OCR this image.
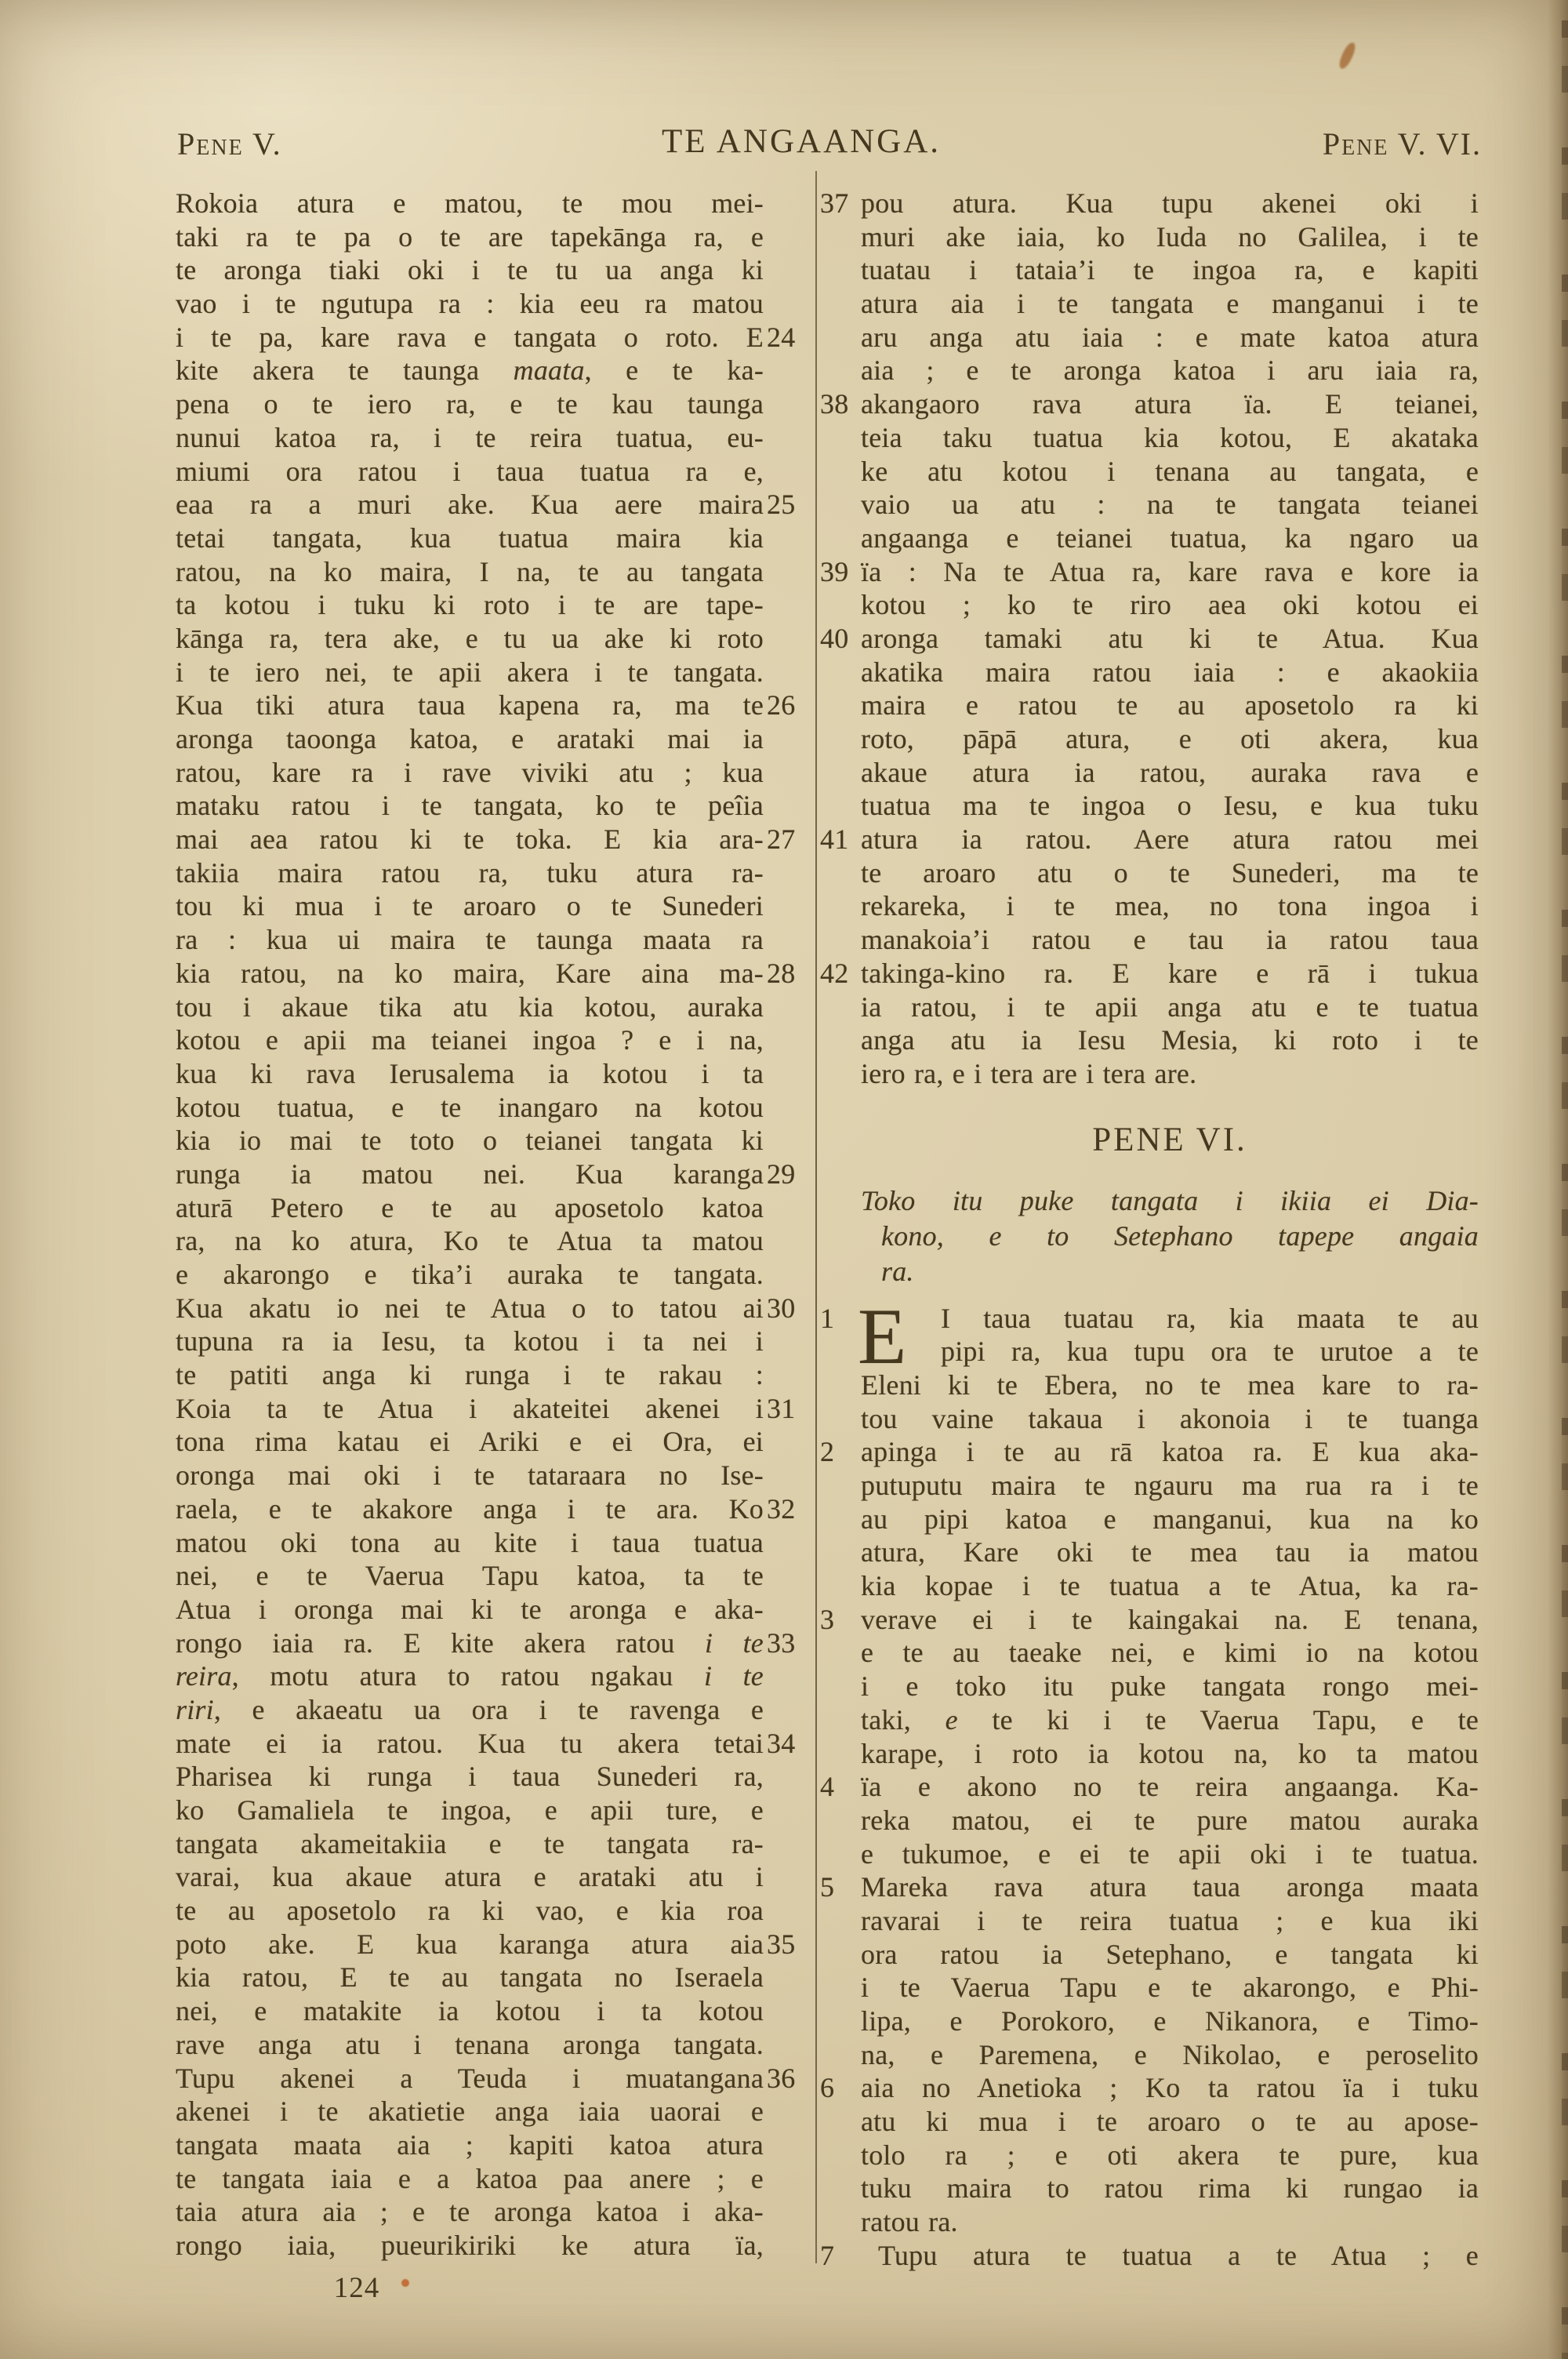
Pene V.	TE ANGAANGA.	Pene V. VI.
Rokoia atura e matou, te mou mei-
taki ra te pa o te are tapekānga ra, e
te aronga tiaki oki i te tu ua anga ki
vao i te ngutupa ra : kia eeu ra matou
i te pa, kare rava e tangata o roto. E 24
kite akera te taunga maata, e te ka-
pena o te iero ra, e te kau taunga
nunui katoa ra, i te reira tuatua, eu-
miumi ora ratou i taua tuatua ra e,
eaa ra a muri ake. Kua aere maira 25
tetai tangata, kua tuatua maira kia
ratou, na ko maira, I na, te au tangata
ta kotou i tuku ki roto i te are tape-
kānga ra, tera ake, e tu ua ake ki roto
i te iero nei, te apii akera i te tangata.
Kua tiki atura taua kapena ra, ma te 26
aronga taoonga katoa, e arataki mai ia
ratou, kare ra i rave viviki atu ; kua
mataku ratou i te tangata, ko te peîia
mai aea ratou ki te toka. E kia ara- 27
takiia maira ratou ra, tuku atura ra-
tou ki mua i te aroaro o te Sunederi
ra : kua ui maira te taunga maata ra
kia ratou, na ko maira, Kare aina ma- 28
tou i akaue tika atu kia kotou, auraka
kotou e apii ma teianei ingoa ? e i na,
kua ki rava Ierusalema ia kotou i ta
kotou tuatua, e te inangaro na kotou
kia io mai te toto o teianei tangata ki
runga ia matou nei. Kua karanga 29
aturā Petero e te au aposetolo katoa
ra, na ko atura, Ko te Atua ta matou
e akarongo e tika’i auraka te tangata.
Kua akatu io nei te Atua o to tatou ai 30
tupuna ra ia Iesu, ta kotou i ta nei i
te patiti anga ki runga i te rakau :
Koia ta te Atua i akateitei akenei i 31
tona rima katau ei Ariki e ei Ora, ei
oronga mai oki i te tataraara no Ise-
raela, e te akakore anga i te ara. Ko 32
matou oki tona au kite i taua tuatua
nei, e te Vaerua Tapu katoa, ta te
Atua i oronga mai ki te aronga e aka-
rongo iaia ra. E kite akera ratou i te 33
reira, motu atura to ratou ngakau i te
riri, e akaeatu ua ora i te ravenga e
mate ei ia ratou. Kua tu akera tetai 34
Pharisea ki runga i taua Sunederi ra,
ko Gamaliela te ingoa, e apii ture, e
tangata akameitakiia e te tangata ra-
varai, kua akaue atura e arataki atu i
te au aposetolo ra ki vao, e kia roa
poto ake. E kua karanga atura aia 35
kia ratou, E te au tangata no Iseraela
nei, e matakite ia kotou i ta kotou
rave anga atu i tenana aronga tangata.
Tupu akenei a Teuda i muatangana 36
akenei i te akatietie anga iaia uaorai e
tangata maata aia ; kapiti katoa atura
te tangata iaia e a katoa paa anere ; e
taia atura aia ; e te aronga katoa i aka-
rongo iaia, pueurikiriki ke atura ïa,
pou atura. Kua tupu akenei oki i
37
muri ake iaia, ko Iuda no Galilea, i te
tuatau i tataia’i te ingoa ra, e kapiti
atura aia i te tangata e manganui i te
aru anga atu iaia : e mate katoa atura
aia ; e te aronga katoa i aru iaia ra,
akangaoro rava atura ïa. E teianei,
38
teia taku tuatua kia kotou, E akataka
ke atu kotou i tenana au tangata, e
vaio ua atu : na te tangata teianei
angaanga e teianei tuatua, ka ngaro ua
ïa : Na te Atua ra, kare rava e kore ia
39
kotou ; ko te riro aea oki kotou ei
aronga tamaki atu ki te Atua. Kua
40
akatika maira ratou iaia : e akaokiia
maira e ratou te au aposetolo ra ki
roto, pāpā atura, e oti akera, kua
akaue atura ia ratou, auraka rava e
tuatua ma te ingoa o Iesu, e kua tuku
atura ia ratou. Aere atura ratou mei
41
te aroaro atu o te Sunederi, ma te
rekareka, i te mea, no tona ingoa i
manakoia’i ratou e tau ia ratou taua
takinga-kino ra. E kare e rā i tukua
42
ia ratou, i te apii anga atu e te tuatua
anga atu ia Iesu Mesia, ki roto i te
iero ra, e i tera are i tera are.
PENE VI.
Toko itu puke tangata i ikiia ei Dia-
kono, e to Setephano tapepe angaia
ra.
E I taua tuatau ra, kia maata te au
1
pipi ra, kua tupu ora te urutoe a te
Eleni ki te Ebera, no te mea kare to ra-
tou vaine takaua i akonoia i te tuanga
apinga i te au rā katoa ra. E kua aka-
2
putuputu maira te ngauru ma rua ra i te
au pipi katoa e manganui, kua na ko
atura, Kare oki te mea tau ia matou
kia kopae i te tuatua a te Atua, ka ra-
verave ei i te kaingakai na. E tenana,
3
e te au taeake nei, e kimi io na kotou
i e toko itu puke tangata rongo mei-
taki, e te ki i te Vaerua Tapu, e te
karape, i roto ia kotou na, ko ta matou
ïa e akono no te reira angaanga. Ka-
4
reka matou, ei te pure matou auraka
e tukumoe, e ei te apii oki i te tuatua.
Mareka rava atura taua aronga maata
5
ravarai i te reira tuatua ; e kua iki
ora ratou ia Setephano, e tangata ki
i te Vaerua Tapu e te akarongo, e Phi-
lipa, e Porokoro, e Nikanora, e Timo-
na, e Paremena, e Nikolao, e peroselito
aia no Anetioka ; Ko ta ratou ïa i tuku
6
atu ki mua i te aroaro o te au apose-
tolo ra ; e oti akera te pure, kua
tuku maira to ratou rima ki rungao ia
ratou ra.
Tupu atura te tuatua a te Atua ; e
7
124
